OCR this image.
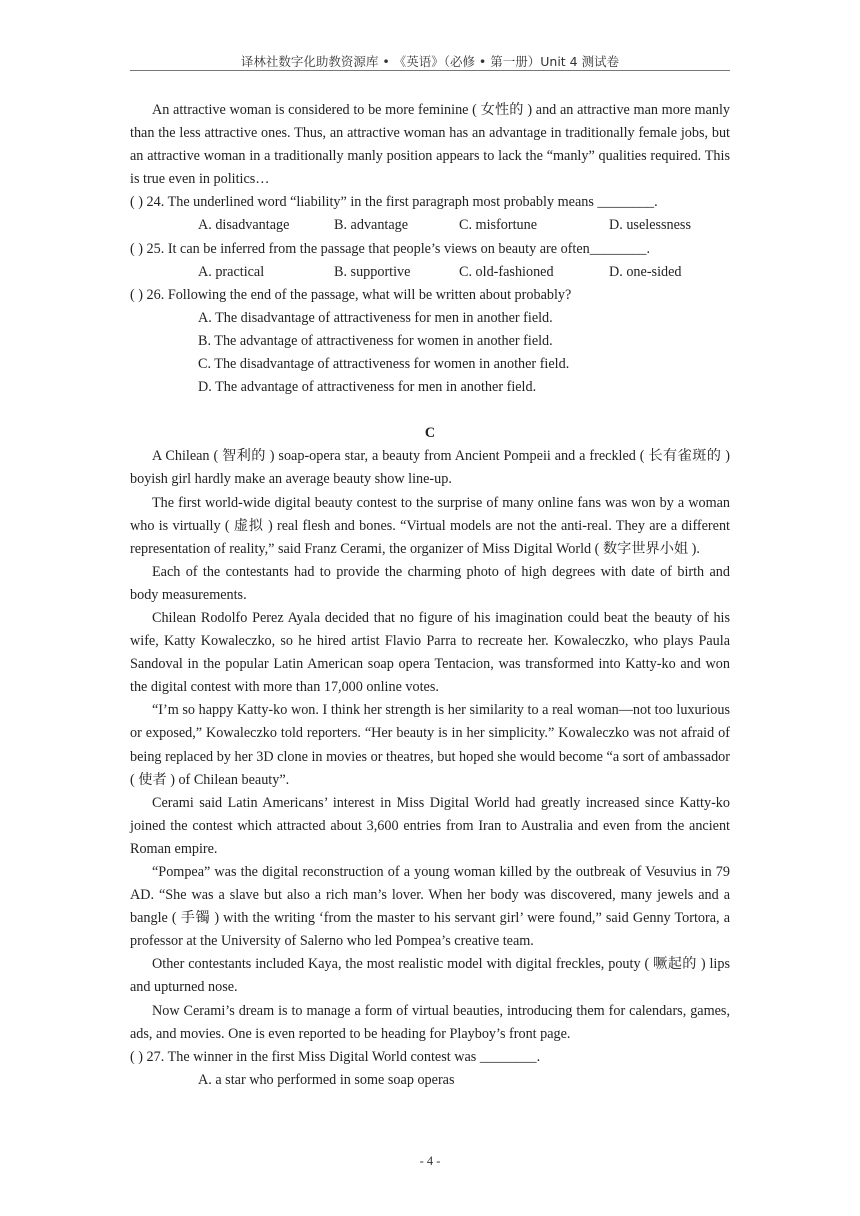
译林社数字化助教资源库 • 《英语》（必修 • 第一册）Unit 4 测试卷

An attractive woman is considered to be more feminine ( 女性的 ) and an attractive man more manly than the less attractive ones. Thus, an attractive woman has an advantage in traditionally female jobs, but an attractive woman in a traditionally manly position appears to lack the “manly” qualities required. This is true even in politics…

( ) 24. The underlined word “liability” in the first paragraph most probably means ________.

A. disadvantage	B. advantage	C. misfortune	D. uselessness

( ) 25. It can be inferred from the passage that people’s views on beauty are often________.

A. practical	B. supportive	C. old-fashioned	D. one-sided

( ) 26. Following the end of the passage, what will be written about probably?

A. The disadvantage of attractiveness for men in another field.

B. The advantage of attractiveness for women in another field.

C. The disadvantage of attractiveness for women in another field.

D. The advantage of attractiveness for men in another field.

C

A Chilean ( 智利的 ) soap-opera star, a beauty from Ancient Pompeii and a freckled ( 长有雀斑的 ) boyish girl hardly make an average beauty show line-up.

The first world-wide digital beauty contest to the surprise of many online fans was won by a woman who is virtually ( 虚拟 ) real flesh and bones. “Virtual models are not the anti-real. They are a different representation of reality,” said Franz Cerami, the organizer of Miss Digital World ( 数字世界小姐 ).

Each of the contestants had to provide the charming photo of high degrees with date of birth and body measurements.

Chilean Rodolfo Perez Ayala decided that no figure of his imagination could beat the beauty of his wife, Katty Kowaleczko, so he hired artist Flavio Parra to recreate her. Kowaleczko, who plays Paula Sandoval in the popular Latin American soap opera Tentacion, was transformed into Katty-ko and won the digital contest with more than 17,000 online votes.

“I’m so happy Katty-ko won. I think her strength is her similarity to a real woman—not too luxurious or exposed,” Kowaleczko told reporters. “Her beauty is in her simplicity.” Kowaleczko was not afraid of being replaced by her 3D clone in movies or theatres, but hoped she would become “a sort of ambassador ( 使者 ) of Chilean beauty”.

Cerami said Latin Americans’ interest in Miss Digital World had greatly increased since Katty-ko joined the contest which attracted about 3,600 entries from Iran to Australia and even from the ancient Roman empire.

“Pompea” was the digital reconstruction of a young woman killed by the outbreak of Vesuvius in 79 AD. “She was a slave but also a rich man’s lover. When her body was discovered, many jewels and a bangle ( 手镯 ) with the writing ‘from the master to his servant girl’ were found,” said Genny Tortora, a professor at the University of Salerno who led Pompea’s creative team.

Other contestants included Kaya, the most realistic model with digital freckles, pouty ( 噘起的 ) lips and upturned nose.

Now Cerami’s dream is to manage a form of virtual beauties, introducing them for calendars, games, ads, and movies. One is even reported to be heading for Playboy’s front page.

( ) 27. The winner in the first Miss Digital World contest was ________.

A. a star who performed in some soap operas

- 4 -
